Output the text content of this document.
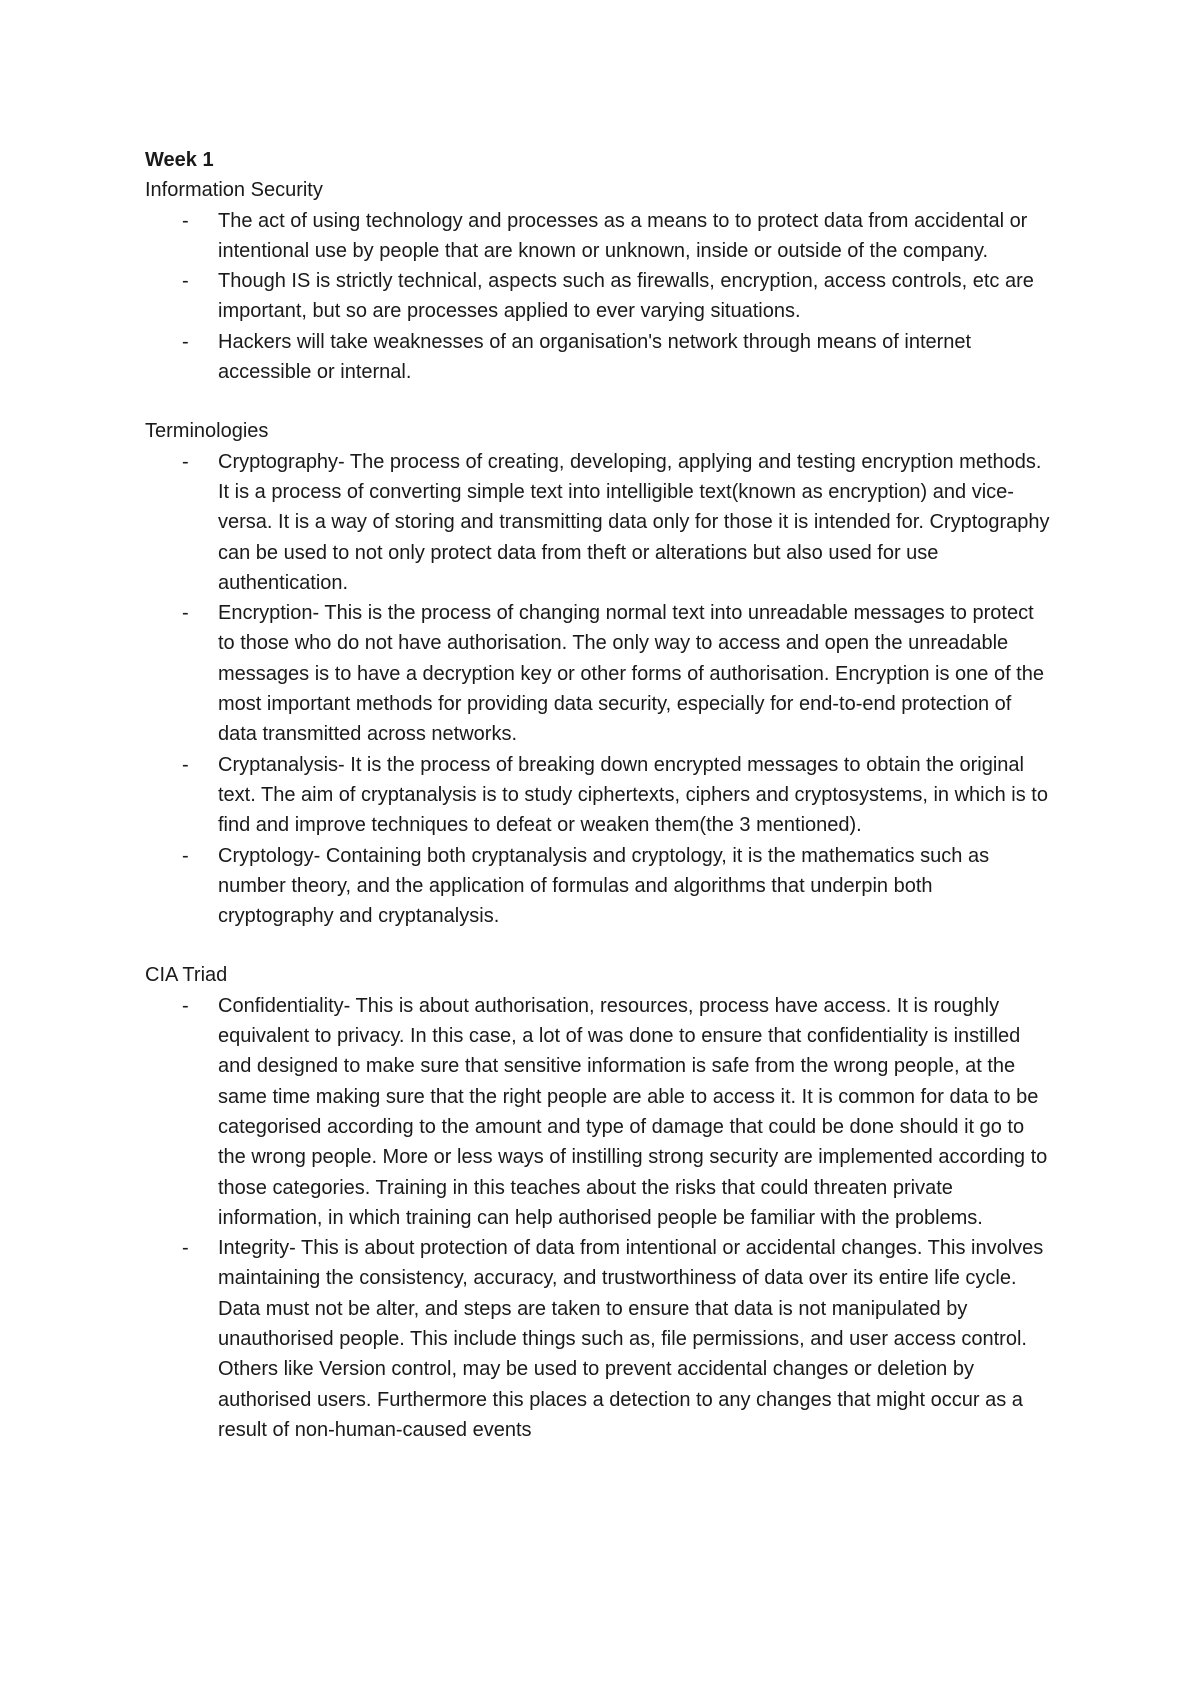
Week 1

Information Security

- The act of using technology and processes as a means to to protect data from accidental or intentional use by people that are known or unknown, inside or outside of the company.
- Though IS is strictly technical, aspects such as firewalls, encryption, access controls, etc are important, but so are processes applied to ever varying situations.
- Hackers will take weaknesses of an organisation's network through means of internet accessible or internal.

Terminologies

- Cryptography- The process of creating, developing, applying and testing encryption methods. It is a process of converting simple text into intelligible text(known as encryption) and vice-versa. It is a way of storing and transmitting data only for those it is intended for. Cryptography can be used to not only protect data from theft or alterations but also used for use authentication.
- Encryption- This is the process of changing normal text into unreadable messages to protect to those who do not have authorisation. The only way to access and open the unreadable messages is to have a decryption key or other forms of authorisation. Encryption is one of the most important methods for providing data security, especially for end-to-end protection of data transmitted across networks.
- Cryptanalysis- It is the process of breaking down encrypted messages to obtain the original text. The aim of cryptanalysis is to study ciphertexts, ciphers and cryptosystems, in which is to find and improve techniques to defeat or weaken them(the 3 mentioned).
- Cryptology- Containing both cryptanalysis and cryptology, it is the mathematics such as number theory, and the application of formulas and algorithms that underpin both cryptography and cryptanalysis.

CIA Triad

- Confidentiality- This is about authorisation, resources, process have access. It is roughly equivalent to privacy. In this case, a lot of was done to ensure that confidentiality is instilled and designed to make sure that sensitive information is safe from the wrong people, at the same time making sure that the right people are able to access it. It is common for data to be categorised according to the amount and type of damage that could be done should it go to the wrong people. More or less ways of instilling strong security are implemented according to those categories. Training in this teaches about the risks that could threaten private information, in which training can help authorised people be familiar with the problems.
- Integrity- This is about protection of data from intentional or accidental changes. This involves maintaining the consistency, accuracy, and trustworthiness of data over its entire life cycle. Data must not be alter, and steps are taken to ensure that data is not manipulated by unauthorised people. This include things such as, file permissions, and user access control. Others like Version control, may be used to prevent accidental changes or deletion by authorised users. Furthermore this places a detection to any changes that might occur as a result of non-human-caused events
